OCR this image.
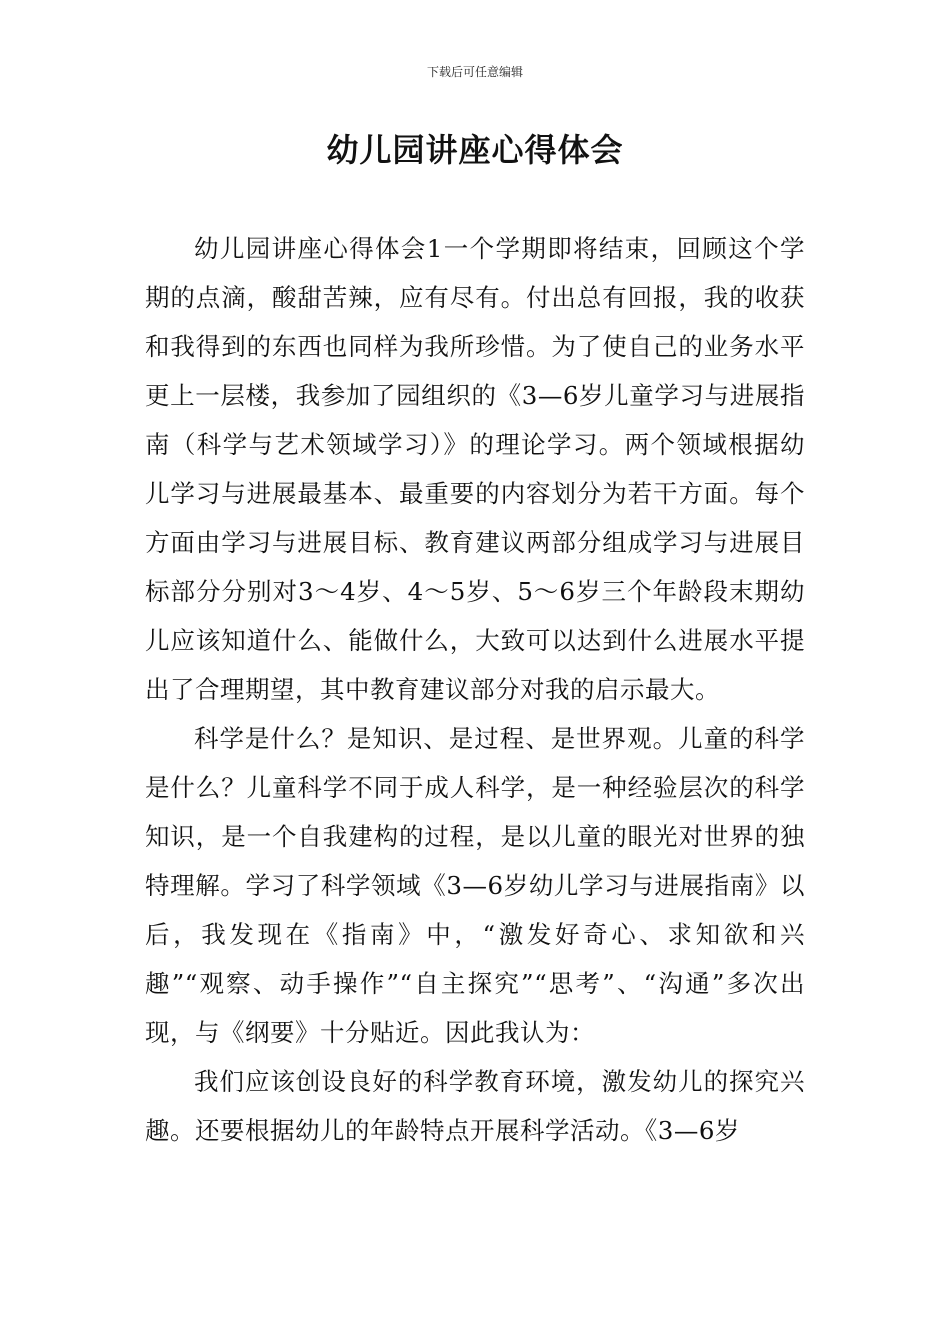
下载后可任意编辑
幼儿园讲座心得体会

幼儿园讲座心得体会1一个学期即将结束，回顾这个学期的点滴，酸甜苦辣，应有尽有。付出总有回报，我的收获和我得到的东西也同样为我所珍惜。为了使自己的业务水平更上一层楼，我参加了园组织的《3—6岁儿童学习与进展指南（科学与艺术领域学习）》的理论学习。两个领域根据幼儿学习与进展最基本、最重要的内容划分为若干方面。每个方面由学习与进展目标、教育建议两部分组成学习与进展目标部分分别对3～4岁、4～5岁、5～6岁三个年龄段末期幼儿应该知道什么、能做什么，大致可以达到什么进展水平提出了合理期望，其中教育建议部分对我的启示最大。

科学是什么？是知识、是过程、是世界观。儿童的科学是什么？儿童科学不同于成人科学，是一种经验层次的科学知识，是一个自我建构的过程，是以儿童的眼光对世界的独特理解。学习了科学领域《3—6岁幼儿学习与进展指南》以后，我发现在《指南》中，“激发好奇心、求知欲和兴趣”“观察、动手操作”“自主探究”“思考”、“沟通”多次出现，与《纲要》十分贴近。因此我认为：

我们应该创设良好的科学教育环境，激发幼儿的探究兴趣。还要根据幼儿的年龄特点开展科学活动。《3—6岁
